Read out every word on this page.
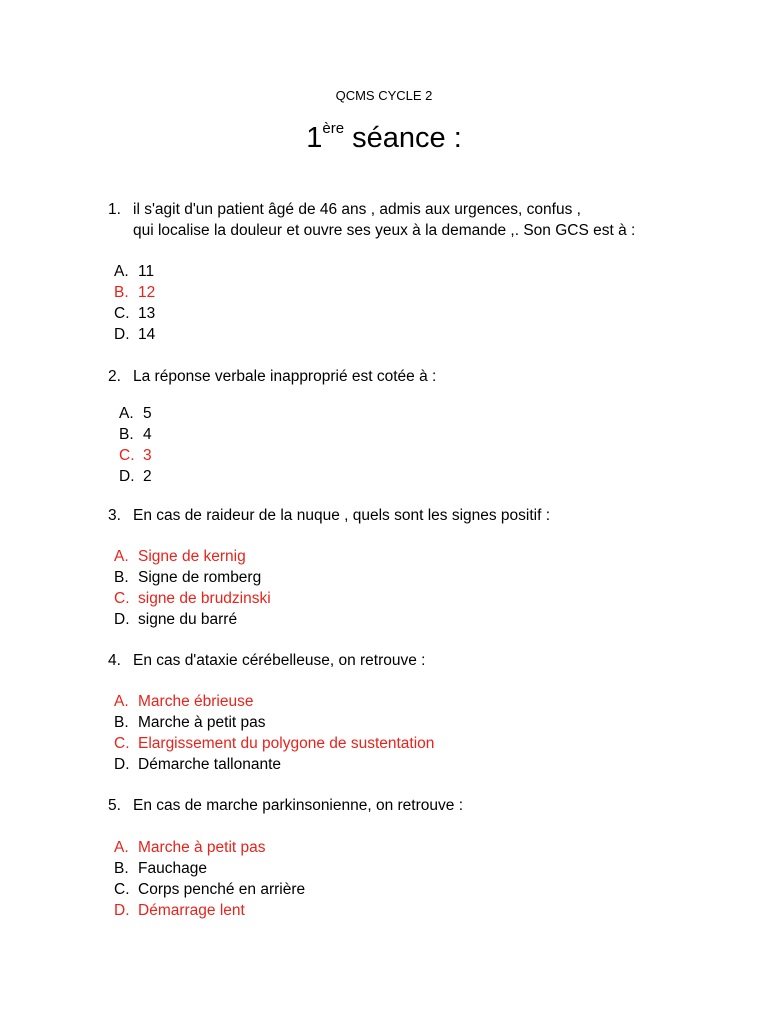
QCMS CYCLE 2
1ère séance :
1. il s'agit d'un patient âgé de 46 ans , admis aux urgences, confus ,
qui localise la douleur et ouvre ses yeux à la demande ,. Son GCS est à :
A. 11
B. 12
C. 13
D. 14
2. La réponse verbale inapproprié est cotée à :
A. 5
B. 4
C. 3
D. 2
3. En cas de raideur de la nuque , quels sont les signes positif :
A. Signe de kernig
B. Signe de romberg
C. signe de brudzinski
D. signe du barré
4. En cas d'ataxie cérébelleuse, on retrouve :
A. Marche ébrieuse
B. Marche à petit pas
C. Elargissement du polygone de sustentation
D. Démarche tallonante
5. En cas de marche parkinsonienne, on retrouve :
A. Marche à petit pas
B. Fauchage
C. Corps penché en arrière
D. Démarrage lent
